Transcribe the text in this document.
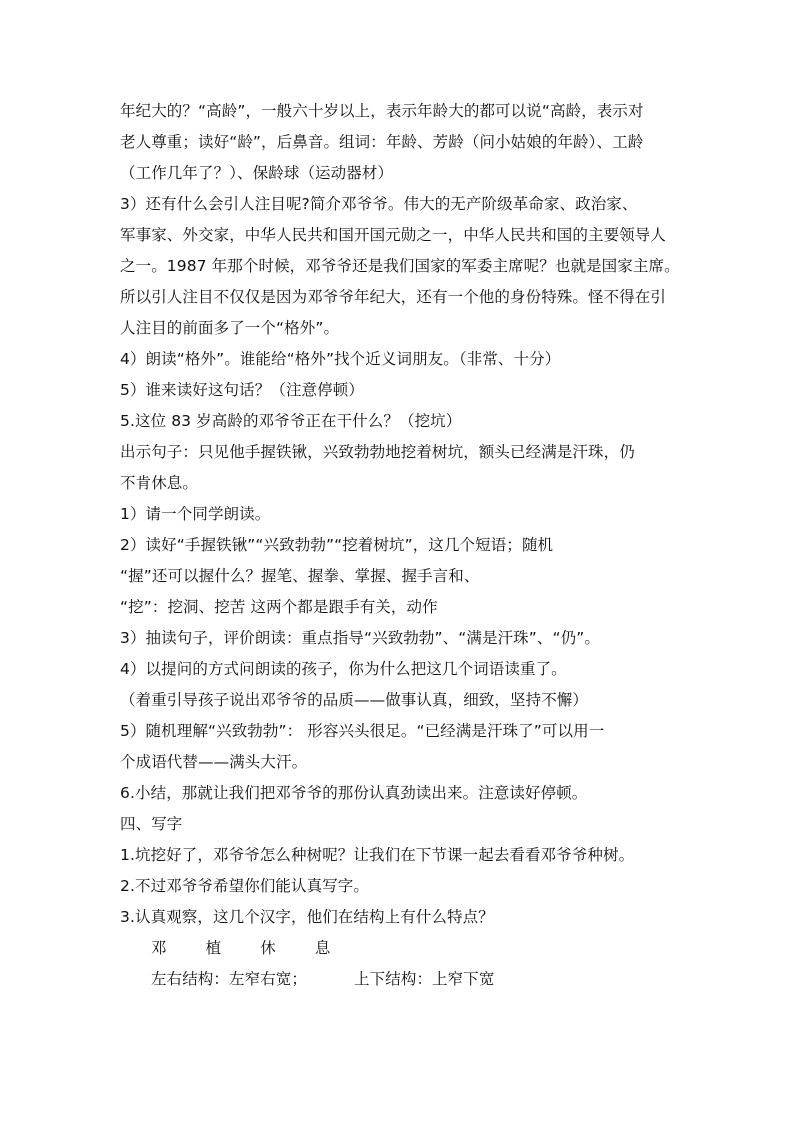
年纪大的？“高龄”，一般六十岁以上，表示年龄大的都可以说“高龄，表示对
老人尊重；读好“龄”，后鼻音。组词：年龄、芳龄（问小姑娘的年龄）、工龄
（工作几年了？）、保龄球（运动器材）
3）还有什么会引人注目呢?简介邓爷爷。伟大的无产阶级革命家、政治家、
军事家、外交家，中华人民共和国开国元勋之一，中华人民共和国的主要领导人
之一。1987 年那个时候，邓爷爷还是我们国家的军委主席呢？也就是国家主席。
所以引人注目不仅仅是因为邓爷爷年纪大，还有一个他的身份特殊。怪不得在引
人注目的前面多了一个“格外”。
4）朗读“格外”。谁能给“格外”找个近义词朋友。（非常、十分）
5）谁来读好这句话？（注意停顿）
5.这位 83 岁高龄的邓爷爷正在干什么？（挖坑）
出示句子：只见他手握铁锹，兴致勃勃地挖着树坑，额头已经满是汗珠，仍
不肯休息。
1）请一个同学朗读。
2）读好“手握铁锹”“兴致勃勃”“挖着树坑”，这几个短语；随机
“握”还可以握什么？握笔、握拳、掌握、握手言和、
“挖”：挖洞、挖苦 这两个都是跟手有关，动作
3）抽读句子，评价朗读：重点指导“兴致勃勃”、“满是汗珠”、“仍”。
4）以提问的方式问朗读的孩子，你为什么把这几个词语读重了。
（着重引导孩子说出邓爷爷的品质——做事认真，细致，坚持不懈）
5）随机理解“兴致勃勃”： 形容兴头很足。“已经满是汗珠了”可以用一
个成语代替——满头大汗。
6.小结，那就让我们把邓爷爷的那份认真劲读出来。注意读好停顿。
四、写字
1.坑挖好了，邓爷爷怎么种树呢？让我们在下节课一起去看看邓爷爷种树。
2.不过邓爷爷希望你们能认真写字。
3.认真观察，这几个汉字，他们在结构上有什么特点？
邓	植	休	息
左右结构：左窄右宽；	上下结构：上窄下宽
